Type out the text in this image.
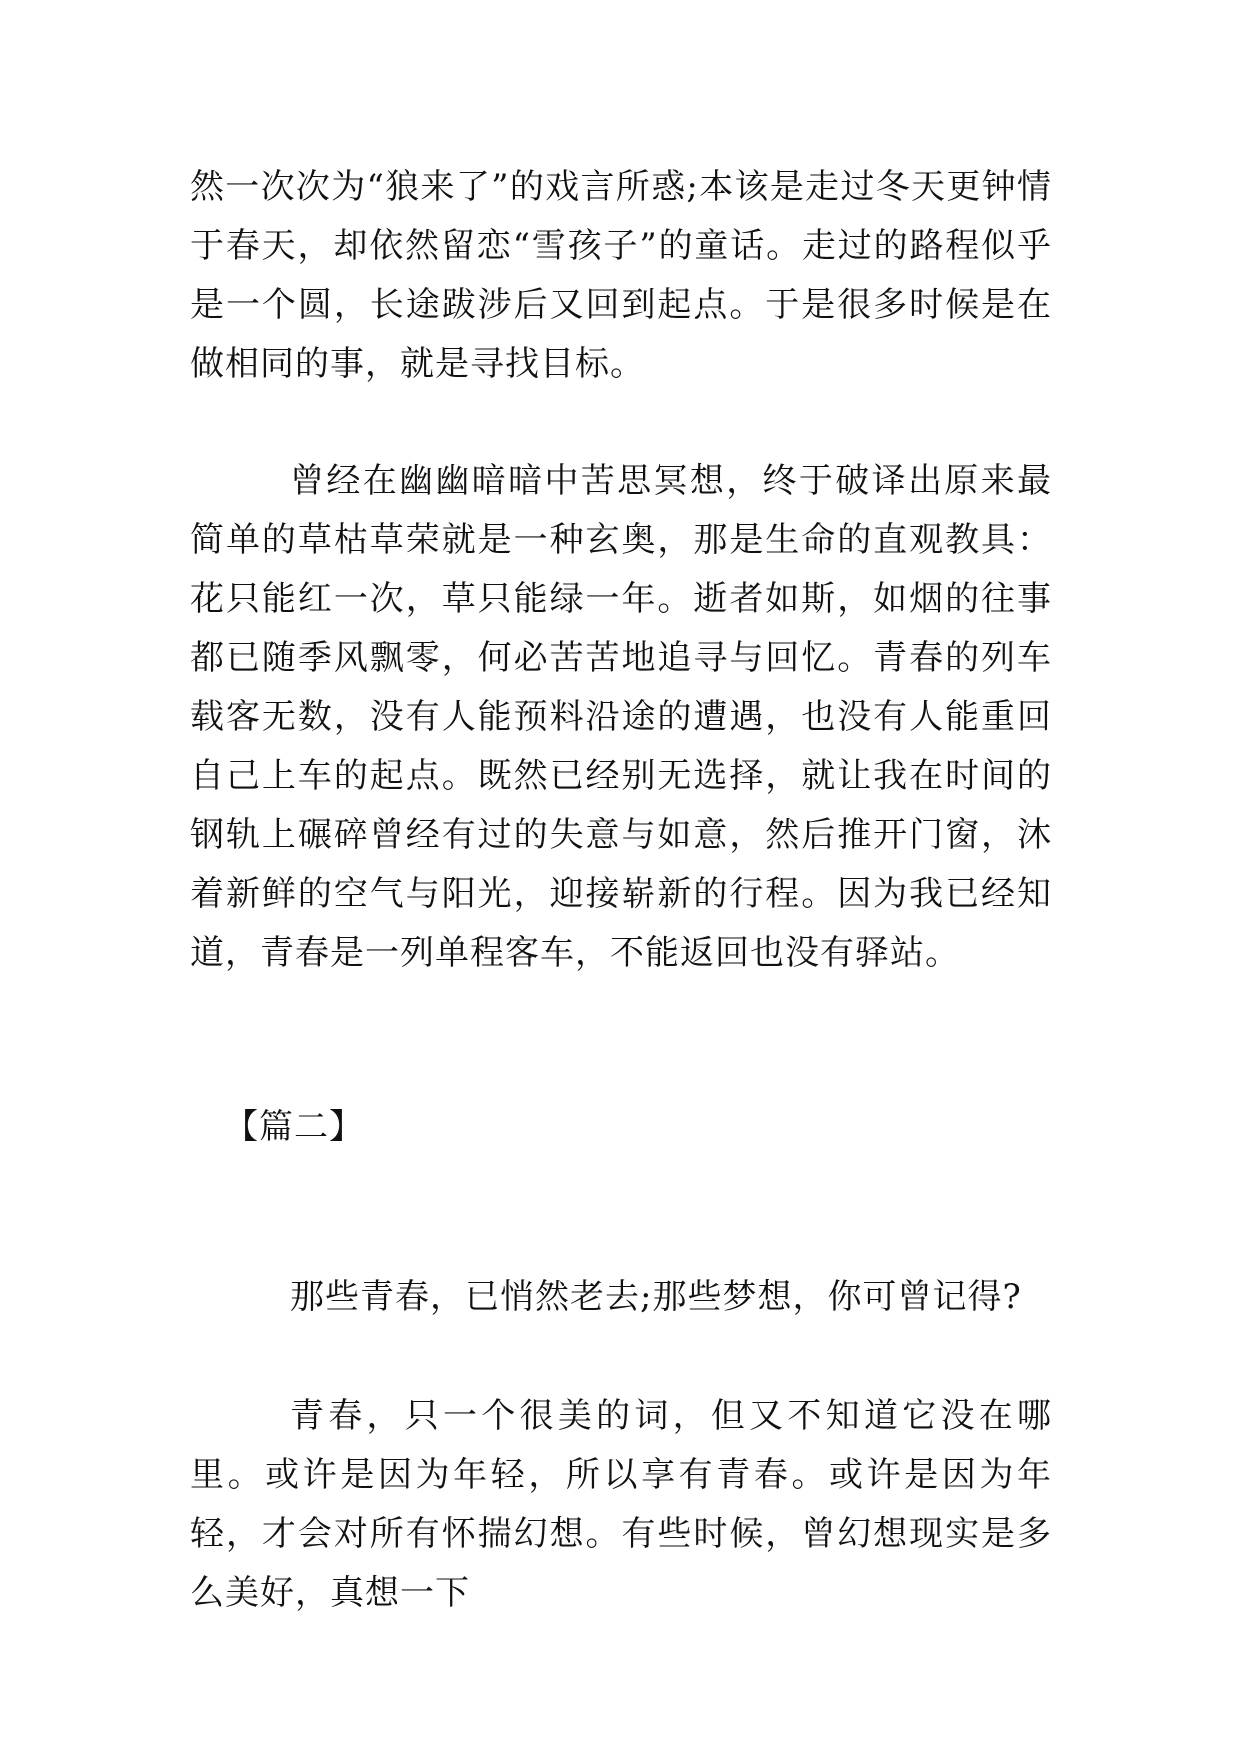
然一次次为“狼来了”的戏言所惑;本该是走过冬天更钟情于春天，却依然留恋“雪孩子”的童话。走过的路程似乎是一个圆，长途跋涉后又回到起点。于是很多时候是在做相同的事，就是寻找目标。

曾经在幽幽暗暗中苦思冥想，终于破译出原来最简单的草枯草荣就是一种玄奥，那是生命的直观教具：花只能红一次，草只能绿一年。逝者如斯，如烟的往事都已随季风飘零，何必苦苦地追寻与回忆。青春的列车载客无数，没有人能预料沿途的遭遇，也没有人能重回自己上车的起点。既然已经别无选择，就让我在时间的钢轨上碾碎曾经有过的失意与如意，然后推开门窗，沐着新鲜的空气与阳光，迎接崭新的行程。因为我已经知道，青春是一列单程客车，不能返回也没有驿站。

【篇二】

那些青春，已悄然老去;那些梦想，你可曾记得?

青春，只一个很美的词，但又不知道它没在哪里。或许是因为年轻，所以享有青春。或许是因为年轻，才会对所有怀揣幻想。有些时候，曾幻想现实是多么美好，真想一下
